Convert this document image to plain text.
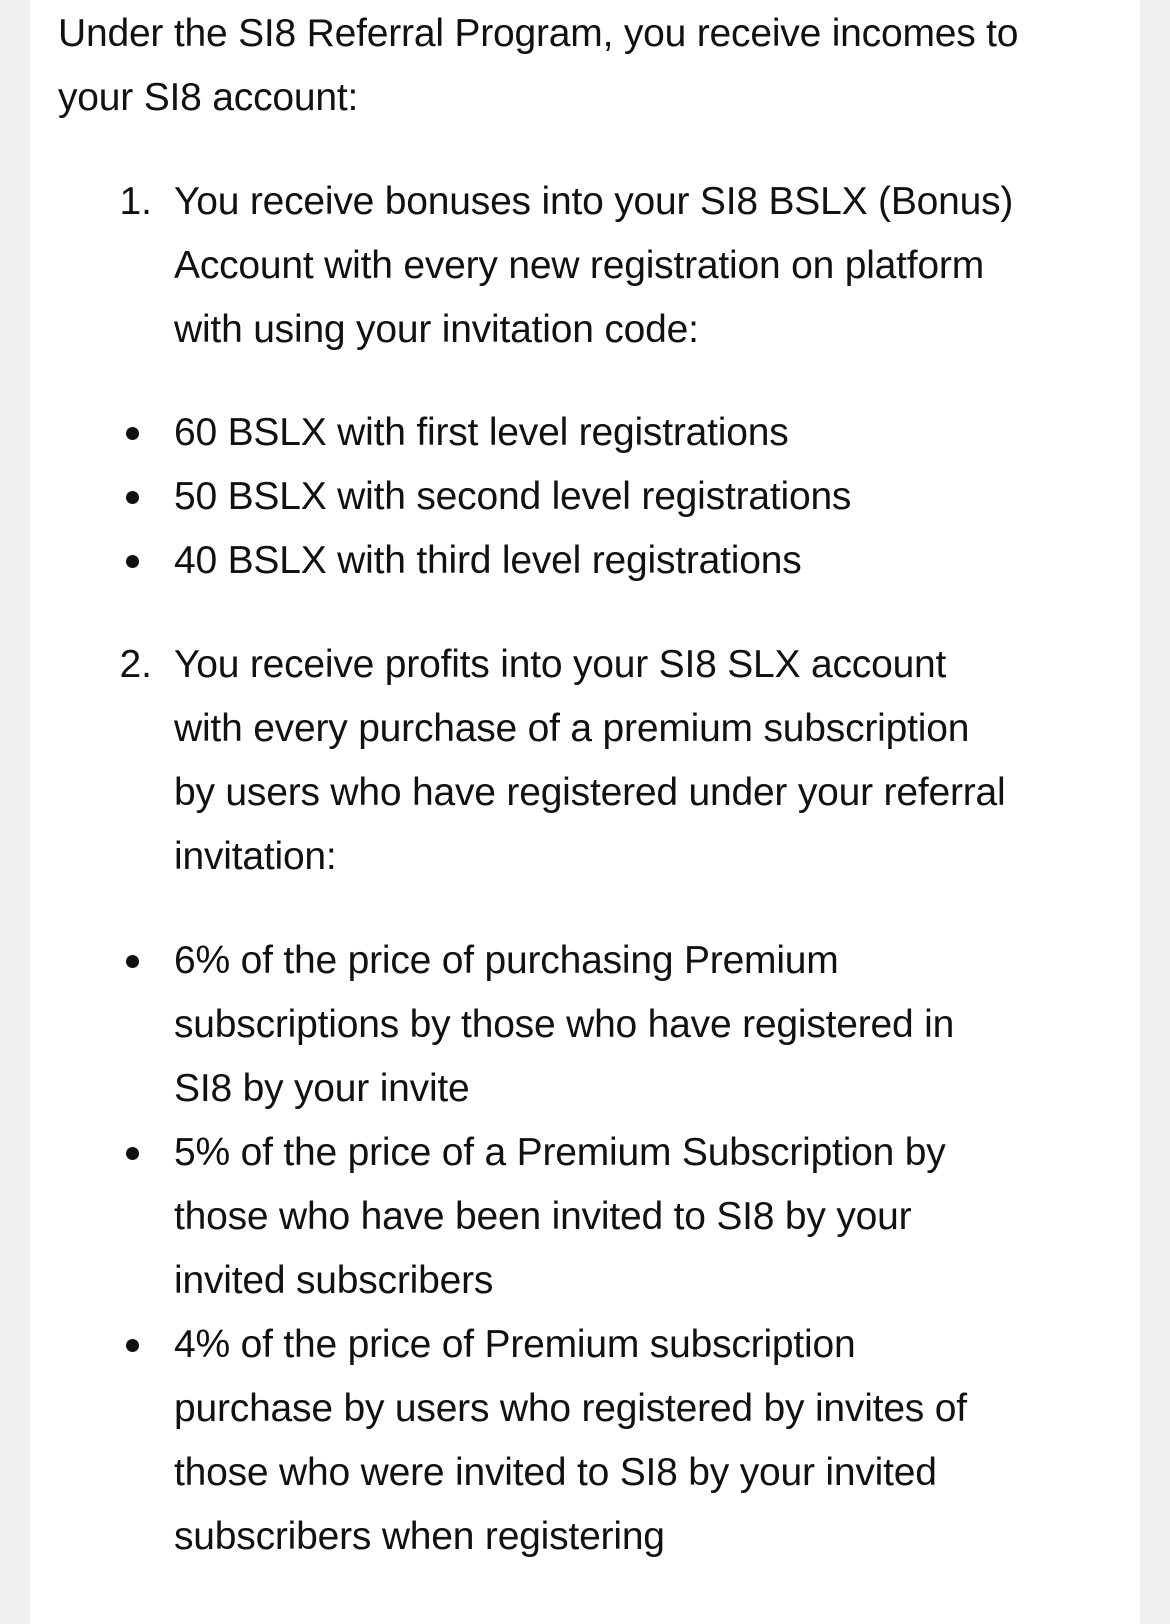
Under the SI8 Referral Program, you receive incomes to
your SI8 account:
1. You receive bonuses into your SI8 BSLX (Bonus)
Account with every new registration on platform
with using your invitation code:
60 BSLX with first level registrations
50 BSLX with second level registrations
40 BSLX with third level registrations
2. You receive profits into your SI8 SLX account
with every purchase of a premium subscription
by users who have registered under your referral
invitation:
6% of the price of purchasing Premium
subscriptions by those who have registered in
SI8 by your invite
5% of the price of a Premium Subscription by
those who have been invited to SI8 by your
invited subscribers
4% of the price of Premium subscription
purchase by users who registered by invites of
those who were invited to SI8 by your invited
subscribers when registering
